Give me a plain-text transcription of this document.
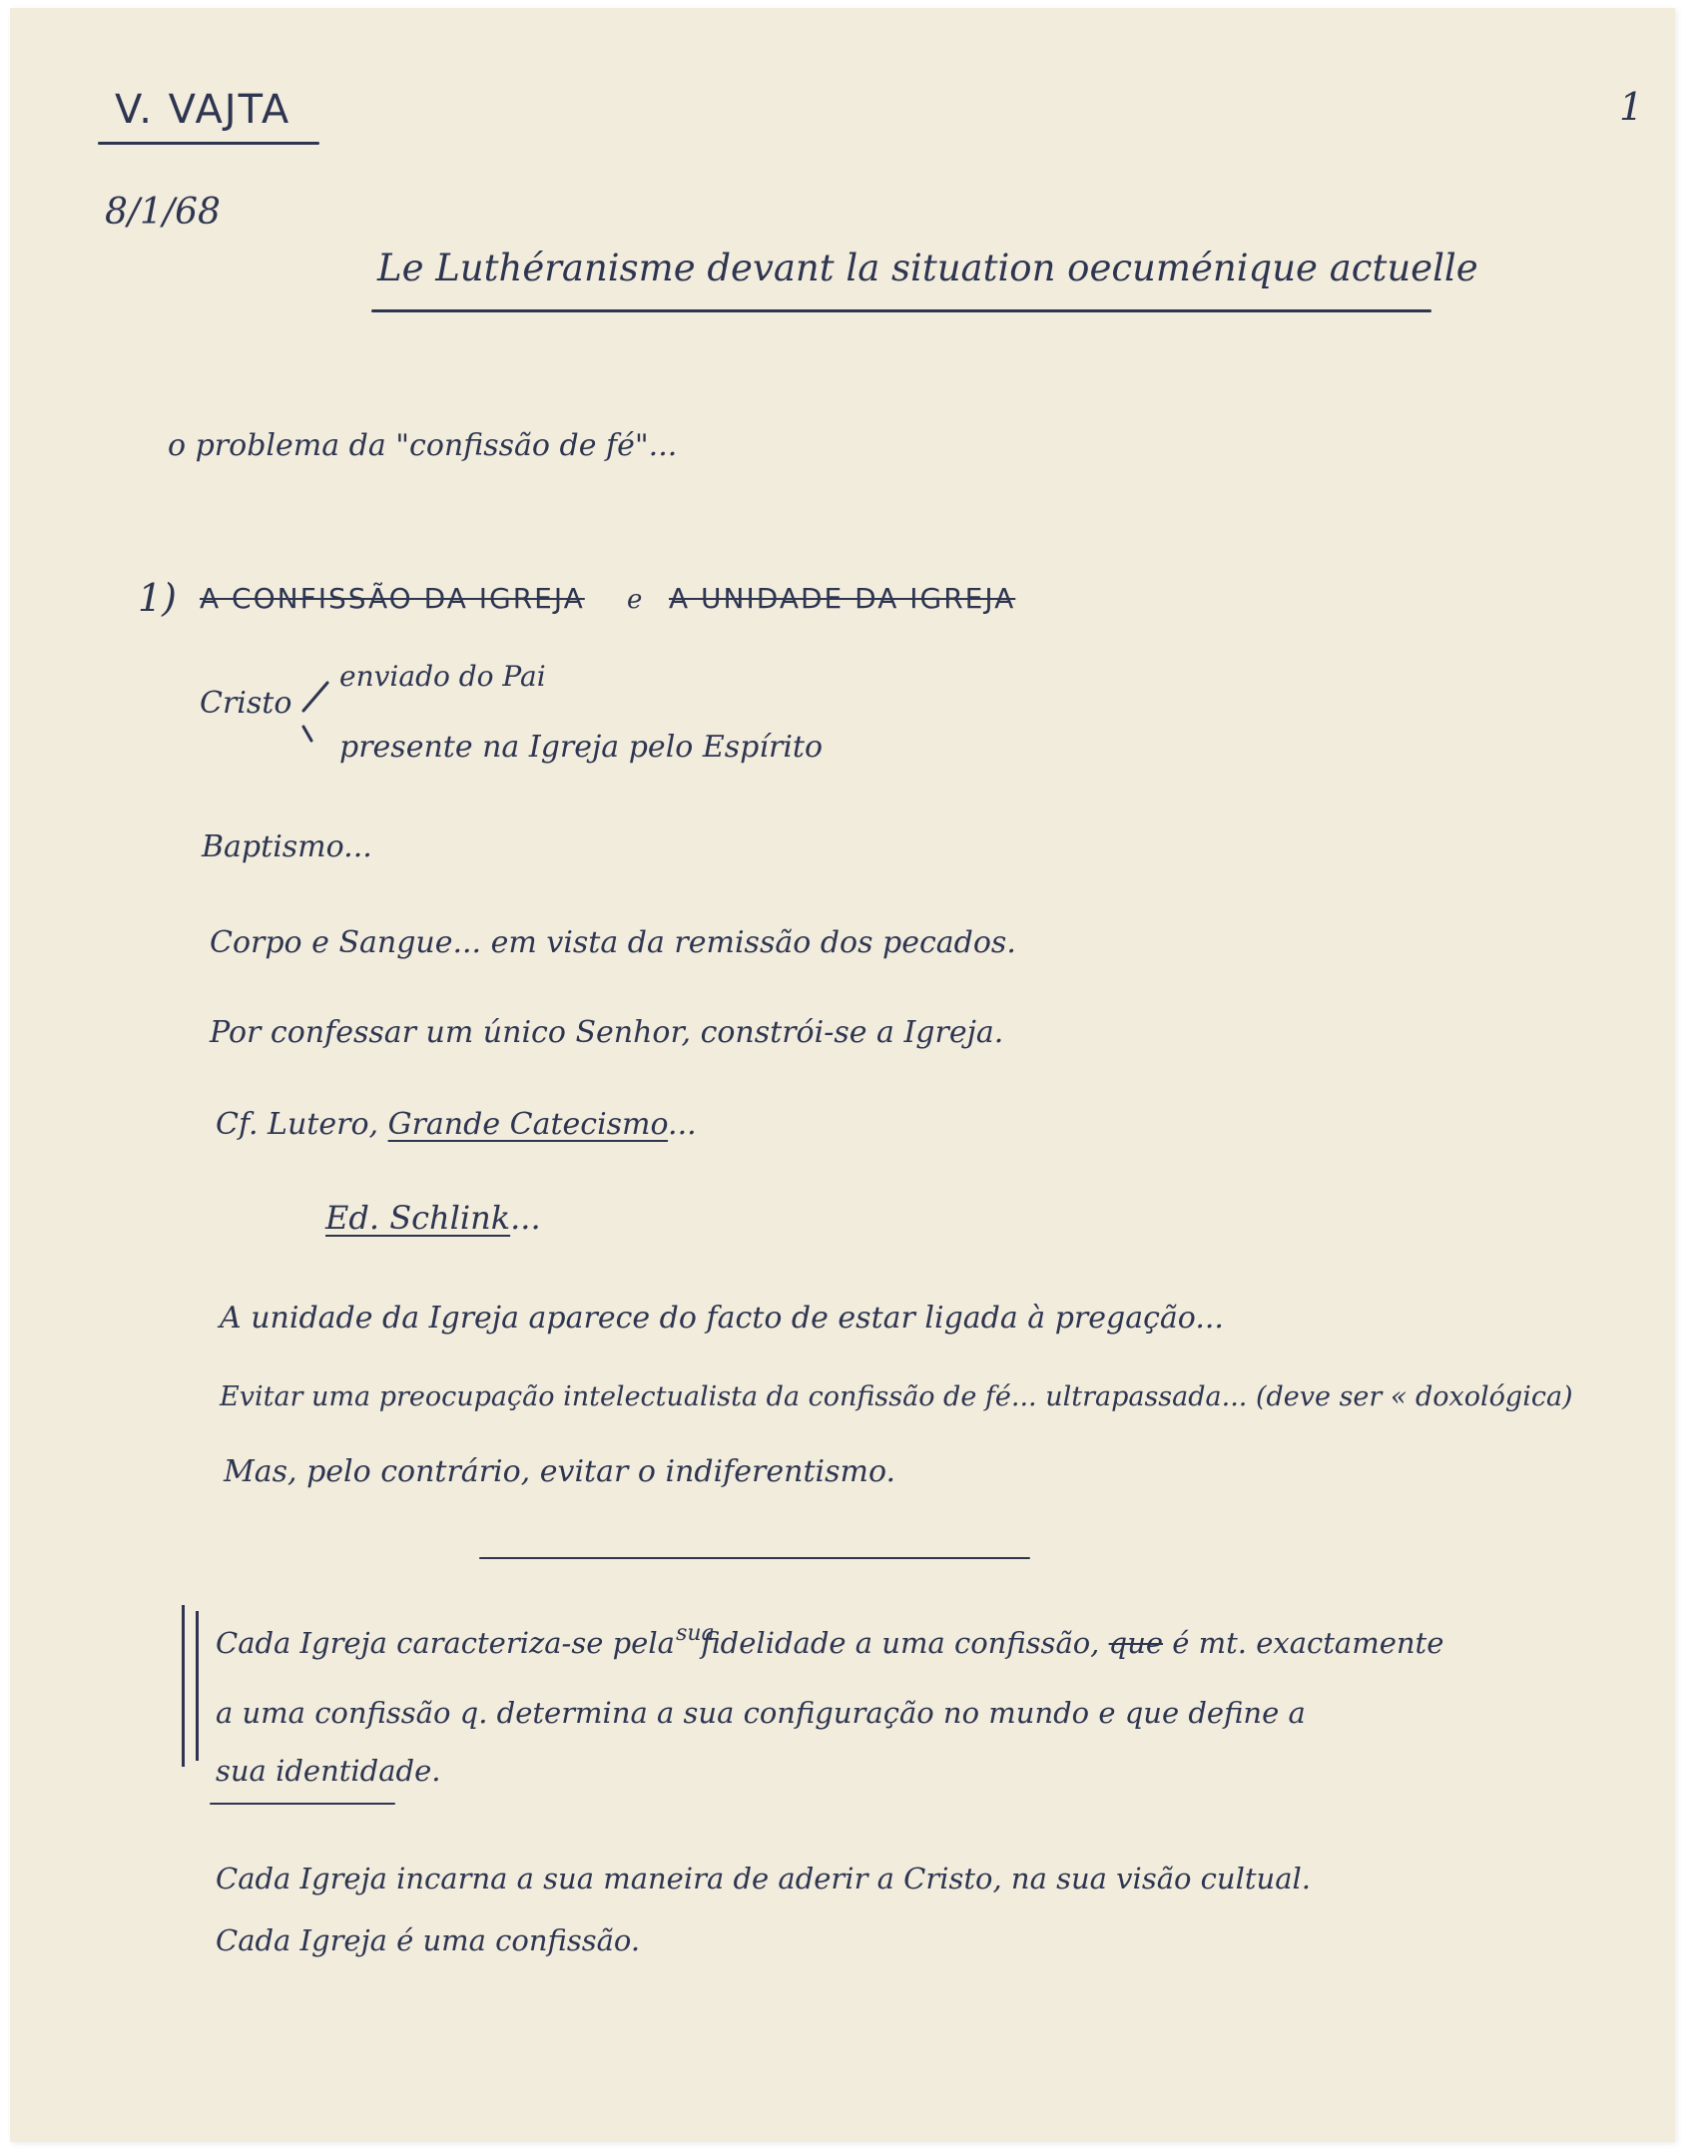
V. VAJTA
8/1/68
1
Le Luthéranisme devant la situation oecuménique actuelle
o problema da "confissão de fé"...
1) A CONFISSÃO DA IGREJA e A UNIDADE DA IGREJA
Cristo
enviado do Pai
presente na Igreja pelo Espírito
Baptismo...
Corpo e Sangue... em vista da remissão dos pecados.
Por confessar um único Senhor, constrói-se a Igreja.
Cf. Lutero, Grande Catecismo...
Ed. Schlink...
A unidade da Igreja aparece do facto de estar ligada à pregação...
Evitar uma preocupação intelectualista da confissão de fé... ultrapassada... (deve ser « doxológica)
Mas, pelo contrário, evitar o indiferentismo.
Cada Igreja caracteriza-se pela sua
fidelidade a uma confissão, que é mt. exactamente
a uma confissão q. determina a sua configuração no mundo e que define a
sua identidade.
Cada Igreja incarna a sua maneira de aderir a Cristo, na sua visão cultual.
Cada Igreja é uma confissão.
